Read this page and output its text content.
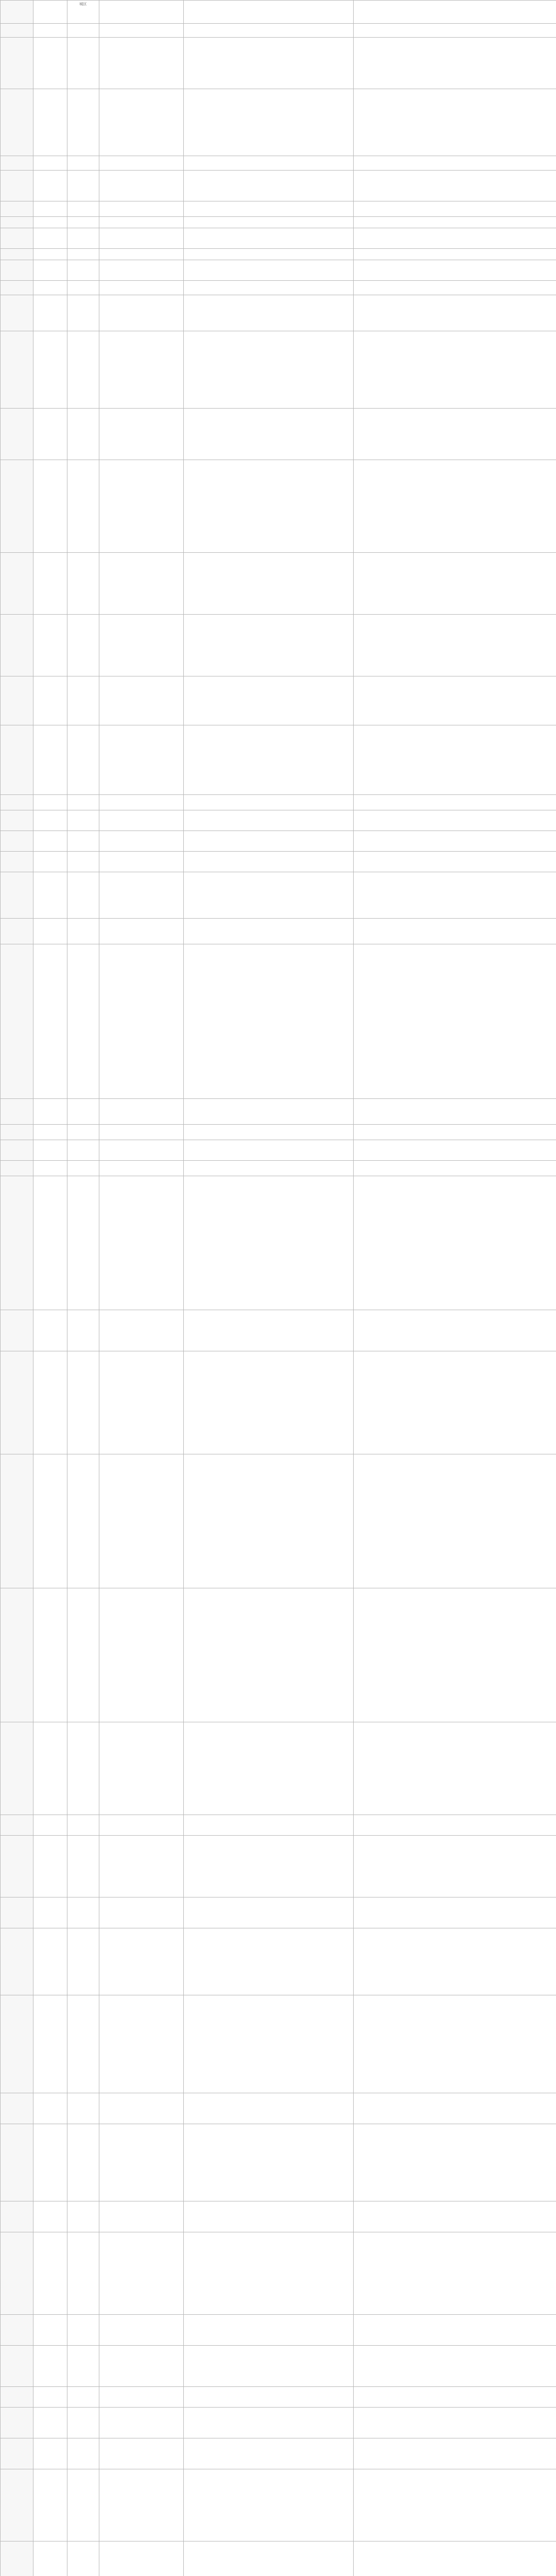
		城区			
